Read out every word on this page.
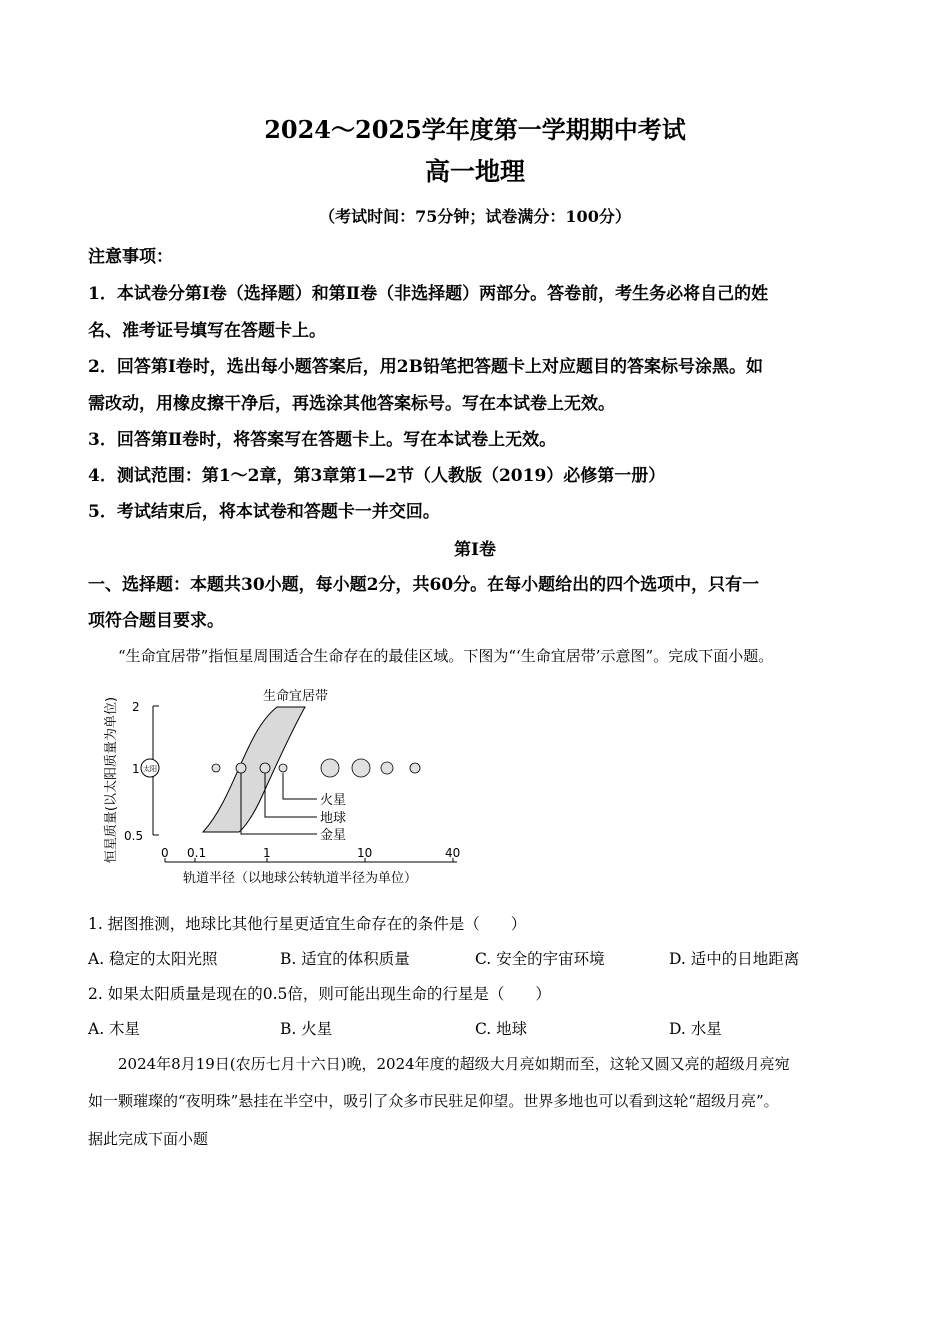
2024～2025学年度第一学期期中考试
高一地理
（考试时间：75分钟；试卷满分：100分）
注意事项：
1．本试卷分第Ⅰ卷（选择题）和第Ⅱ卷（非选择题）两部分。答卷前，考生务必将自己的姓
名、准考证号填写在答题卡上。
2．回答第Ⅰ卷时，选出每小题答案后，用2B铅笔把答题卡上对应题目的答案标号涂黑。如
需改动，用橡皮擦干净后，再选涂其他答案标号。写在本试卷上无效。
3．回答第Ⅱ卷时，将答案写在答题卡上。写在本试卷上无效。
4．测试范围：第1～2章，第3章第1—2节（人教版（2019）必修第一册）
5．考试结束后，将本试卷和答题卡一并交回。
第Ⅰ卷
一、选择题：本题共30小题，每小题2分，共60分。在每小题给出的四个选项中，只有一
项符合题目要求。
“生命宜居带”指恒星周围适合生命存在的最佳区域。下图为“‘生命宜居带’示意图”。完成下面小题。
恒星质量(以太阳质量为单位) 2
1
0.5
生命宜居带
太阳
火星
地球
金星
0 0.1	1	10	40
轨道半径（以地球公转轨道半径为单位）
1. 据图推测，地球比其他行星更适宜生命存在的条件是（　　）
A. 稳定的太阳光照	B. 适宜的体积质量	C. 安全的宇宙环境	D. 适中的日地距离
2. 如果太阳质量是现在的0.5倍，则可能出现生命的行星是（　　）
A. 木星	B. 火星	C. 地球	D. 水星
2024年8月19日(农历七月十六日)晚，2024年度的超级大月亮如期而至，这轮又圆又亮的超级月亮宛
如一颗璀璨的“夜明珠”悬挂在半空中，吸引了众多市民驻足仰望。世界多地也可以看到这轮“超级月亮”。
据此完成下面小题
